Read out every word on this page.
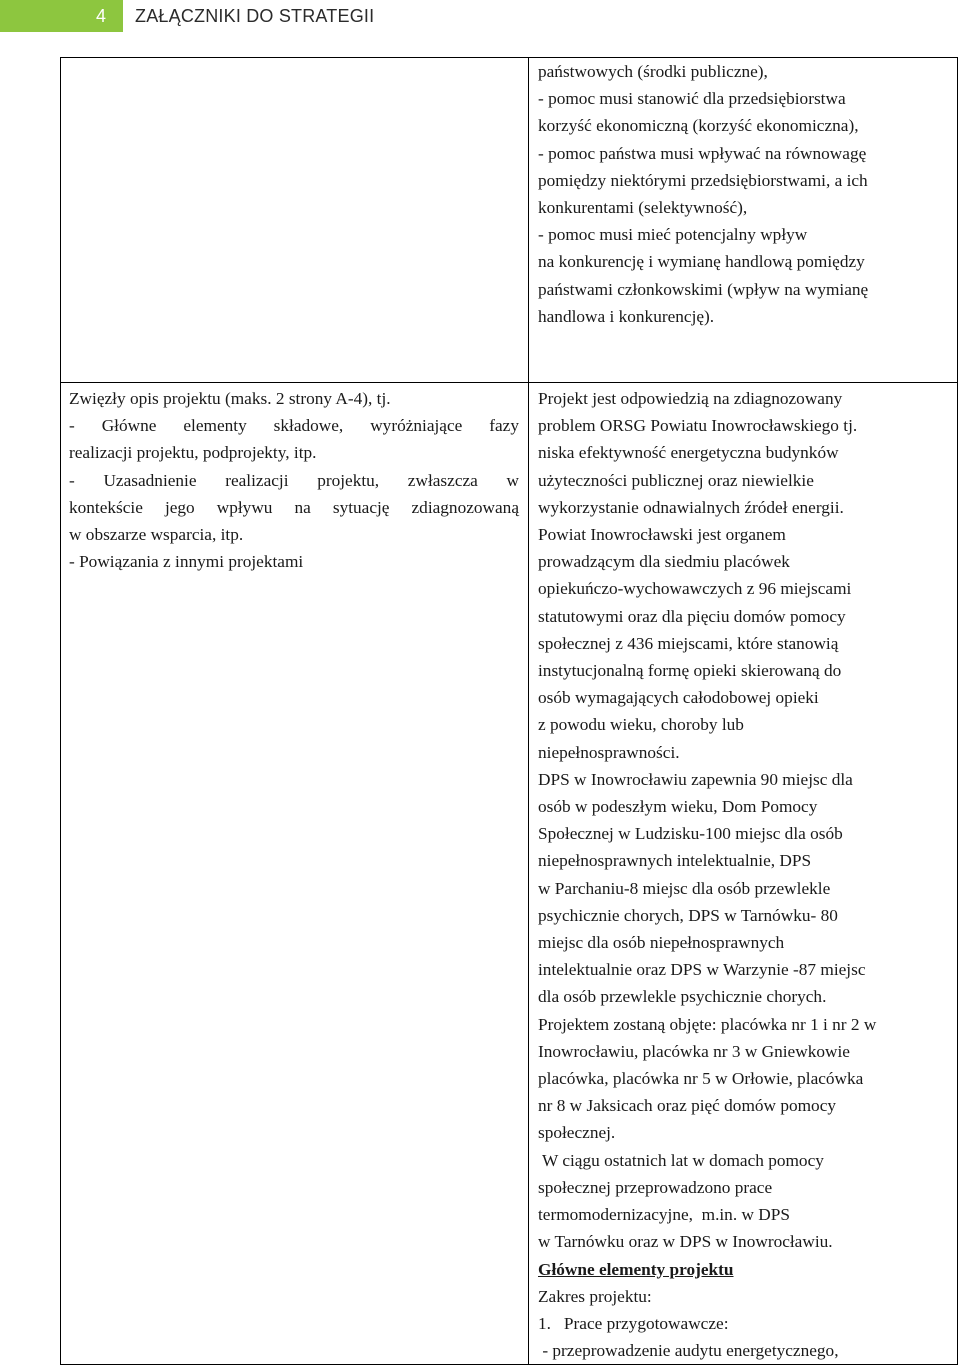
4	ZAŁĄCZNIKI DO STRATEGII

państwowych (środki publiczne),

- pomoc musi stanowić dla przedsiębiorstwa

korzyść ekonomiczną (korzyść ekonomiczna),

- pomoc państwa musi wpływać na równowagę

pomiędzy niektórymi przedsiębiorstwami, a ich

konkurentami (selektywność),

- pomoc musi mieć potencjalny wpływ

na konkurencję i wymianę handlową pomiędzy

państwami członkowskimi (wpływ na wymianę

handlowa i konkurencję).

Zwięzły opis projektu (maks. 2 strony A-4), tj.

- Główne elementy składowe, wyróżniające fazy

realizacji projektu, podprojekty, itp.

- Uzasadnienie realizacji projektu, zwłaszcza w

kontekście jego wpływu na sytuację zdiagnozowaną

w obszarze wsparcia, itp.

- Powiązania z innymi projektami

Projekt jest odpowiedzią na zdiagnozowany

problem ORSG Powiatu Inowrocławskiego tj.

niska efektywność energetyczna budynków

użyteczności publicznej oraz niewielkie

wykorzystanie odnawialnych źródeł energii.

Powiat Inowrocławski jest organem

prowadzącym dla siedmiu placówek

opiekuńczo-wychowawczych z 96 miejscami

statutowymi oraz dla pięciu domów pomocy

społecznej z 436 miejscami, które stanowią

instytucjonalną formę opieki skierowaną do

osób wymagających całodobowej opieki

z powodu wieku, choroby lub

niepełnosprawności.

DPS w Inowrocławiu zapewnia 90 miejsc dla

osób w podeszłym wieku, Dom Pomocy

Społecznej w Ludzisku-100 miejsc dla osób

niepełnosprawnych intelektualnie, DPS

w Parchaniu-8 miejsc dla osób przewlekle

psychicznie chorych, DPS w Tarnówku- 80

miejsc dla osób niepełnosprawnych

intelektualnie oraz DPS w Warzynie -87 miejsc

dla osób przewlekle psychicznie chorych.

Projektem zostaną objęte: placówka nr 1 i nr 2 w

Inowrocławiu, placówka nr 3 w Gniewkowie

placówka, placówka nr 5 w Orłowie, placówka

nr 8 w Jaksicach oraz pięć domów pomocy

społecznej.

W ciągu ostatnich lat w domach pomocy

społecznej przeprowadzono prace

termomodernizacyjne,  m.in. w DPS

w Tarnówku oraz w DPS w Inowrocławiu.

Główne elementy projektu

Zakres projektu:

1.   Prace przygotowawcze:

- przeprowadzenie audytu energetycznego,
